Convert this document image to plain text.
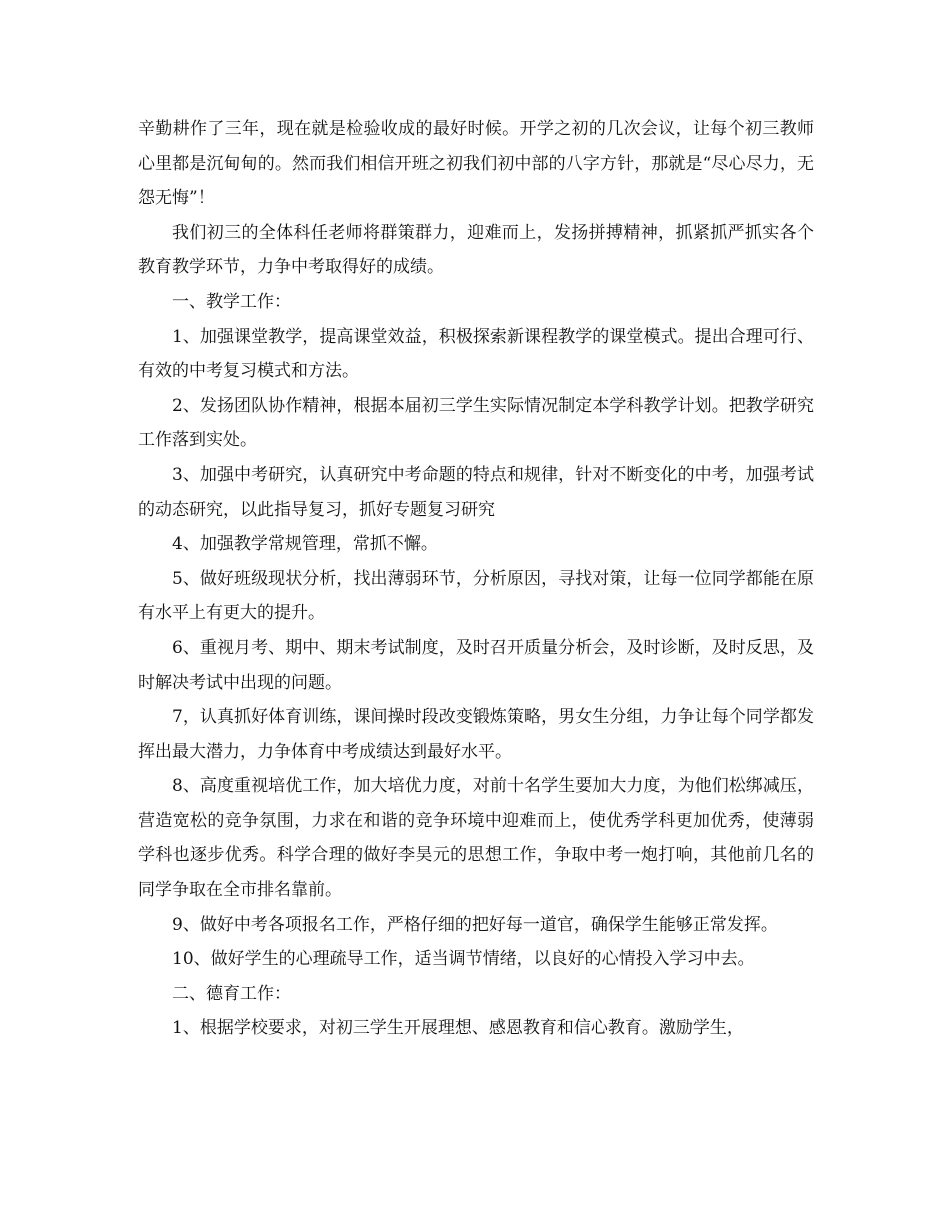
辛勤耕作了三年，现在就是检验收成的最好时候。开学之初的几次会议，让每个初三教师心里都是沉甸甸的。然而我们相信开班之初我们初中部的八字方针，那就是“尽心尽力，无怨无悔”！

我们初三的全体科任老师将群策群力，迎难而上，发扬拼搏精神，抓紧抓严抓实各个教育教学环节，力争中考取得好的成绩。

一、教学工作：

1、加强课堂教学，提高课堂效益，积极探索新课程教学的课堂模式。提出合理可行、有效的中考复习模式和方法。

2、发扬团队协作精神，根据本届初三学生实际情况制定本学科教学计划。把教学研究工作落到实处。

3、加强中考研究，认真研究中考命题的特点和规律，针对不断变化的中考，加强考试的动态研究，以此指导复习，抓好专题复习研究

4、加强教学常规管理，常抓不懈。

5、做好班级现状分析，找出薄弱环节，分析原因，寻找对策，让每一位同学都能在原有水平上有更大的提升。

6、重视月考、期中、期末考试制度，及时召开质量分析会，及时诊断，及时反思，及时解决考试中出现的问题。

7，认真抓好体育训练，课间操时段改变锻炼策略，男女生分组，力争让每个同学都发挥出最大潜力，力争体育中考成绩达到最好水平。

8、高度重视培优工作，加大培优力度，对前十名学生要加大力度，为他们松绑减压，营造宽松的竞争氛围，力求在和谐的竞争环境中迎难而上，使优秀学科更加优秀，使薄弱学科也逐步优秀。科学合理的做好李昊元的思想工作，争取中考一炮打响，其他前几名的同学争取在全市排名靠前。

9、做好中考各项报名工作，严格仔细的把好每一道官，确保学生能够正常发挥。

10、做好学生的心理疏导工作，适当调节情绪，以良好的心情投入学习中去。

二、德育工作：

1、根据学校要求，对初三学生开展理想、感恩教育和信心教育。激励学生，
